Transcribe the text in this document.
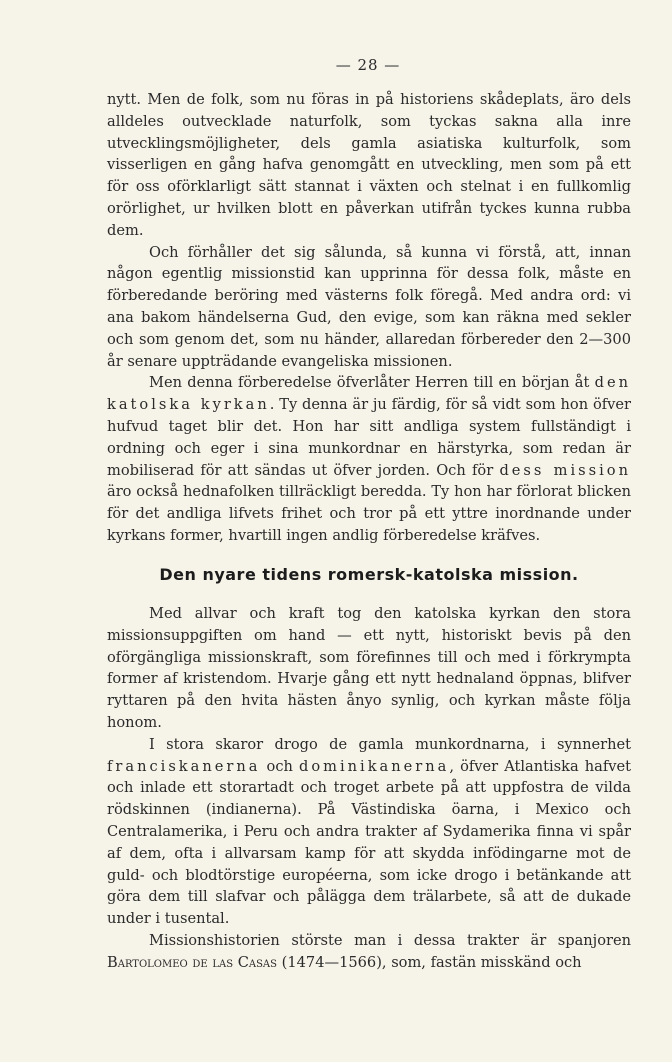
— 28 —

nytt. Men de folk, som nu föras in på historiens skådeplats, äro dels alldeles outvecklade naturfolk, som tyckas sakna alla inre utvecklingsmöjligheter, dels gamla asiatiska kulturfolk, som visserligen en gång hafva genomgått en utveckling, men som på ett för oss oförklarligt sätt stannat i växten och stelnat i en fullkomlig orörlighet, ur hvilken blott en påverkan utifrån tyckes kunna rubba dem.

Och förhåller det sig sålunda, så kunna vi förstå, att, innan någon egentlig missionstid kan upprinna för dessa folk, måste en förberedande beröring med västerns folk föregå. Med andra ord: vi ana bakom händelserna Gud, den evige, som kan räkna med sekler och som genom det, som nu händer, allaredan förbereder den 2—300 år senare uppträdande evangeliska missionen.

Men denna förberedelse öfverlåter Herren till en början åt den katolska kyrkan. Ty denna är ju färdig, för så vidt som hon öfver hufvud taget blir det. Hon har sitt andliga system fullständigt i ordning och eger i sina munkordnar en härstyrka, som redan är mobiliserad för att sändas ut öfver jorden. Och för dess mission äro också hednafolken tillräckligt beredda. Ty hon har förlorat blicken för det andliga lifvets frihet och tror på ett yttre inordnande under kyrkans former, hvartill ingen andlig förberedelse kräfves.

Den nyare tidens romersk-katolska mission.

Med allvar och kraft tog den katolska kyrkan den stora missionsuppgiften om hand — ett nytt, historiskt bevis på den oförgängliga missionskraft, som förefinnes till och med i förkrympta former af kristendom. Hvarje gång ett nytt hednaland öppnas, blifver ryttaren på den hvita hästen ånyo synlig, och kyrkan måste följa honom.

I stora skaror drogo de gamla munkordnarna, i synnerhet franciskanerna och dominikanerna, öfver Atlantiska hafvet och inlade ett storartadt och troget arbete på att uppfostra de vilda rödskinnen (indianerna). På Västindiska öarna, i Mexico och Centralamerika, i Peru och andra trakter af Sydamerika finna vi spår af dem, ofta i allvarsam kamp för att skydda infödingarne mot de guld- och blodtörstige européerna, som icke drogo i betänkande att göra dem till slafvar och pålägga dem trälarbete, så att de dukade under i tusental.

Missionshistorien störste man i dessa trakter är spanjoren Bartolomeo de las Casas (1474—1566), som, fastän misskänd och
